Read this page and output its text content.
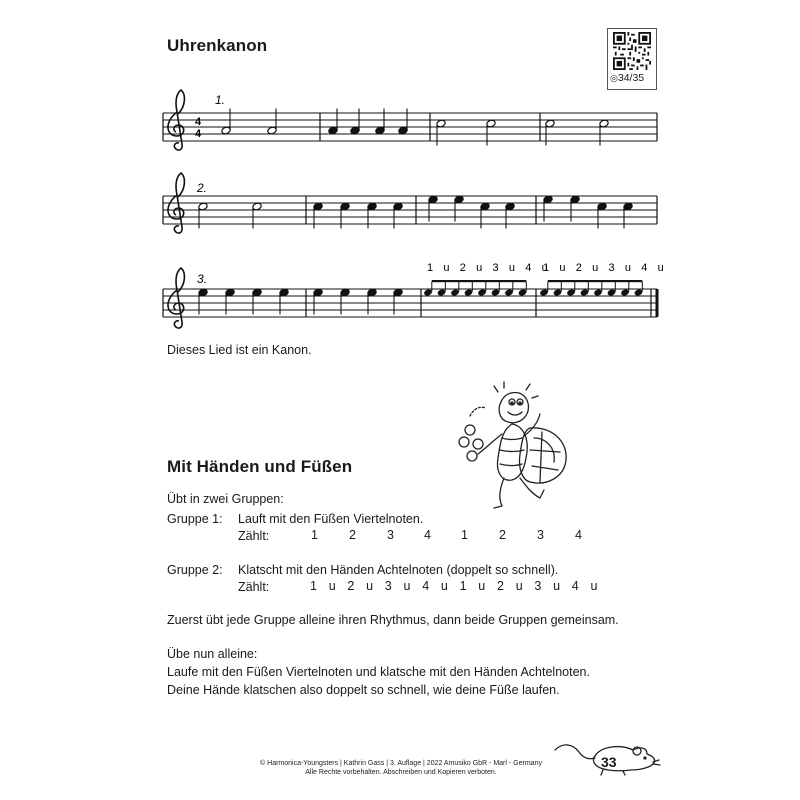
Uhrenkanon
◎34/35
4
4
1.
2.
3.
1 u 2 u 3 u 4 u
1 u 2 u 3 u 4 u
Dieses Lied ist ein Kanon.
Mit Händen und Füßen
Übt in zwei Gruppen:
Gruppe 1: Lauft mit den Füßen Viertelnoten.
Zählt:	1 2 3 4 1 2 3 4
Gruppe 2: Klatscht mit den Händen Achtelnoten (doppelt so schnell).
Zählt:	1 u 2 u 3 u 4 u 1 u 2 u 3 u 4 u
Zuerst übt jede Gruppe alleine ihren Rhythmus, dann beide Gruppen gemeinsam.
Übe nun alleine:
Laufe mit den Füßen Viertelnoten und klatsche mit den Händen Achtelnoten.
Deine Hände klatschen also doppelt so schnell, wie deine Füße laufen.
© Harmonica-Youngsters | Kathrin Gass | 3. Auflage | 2022 Amusiko GbR - Marl - Germany
Alle Rechte vorbehalten. Abschreiben und Kopieren verboten.
33
